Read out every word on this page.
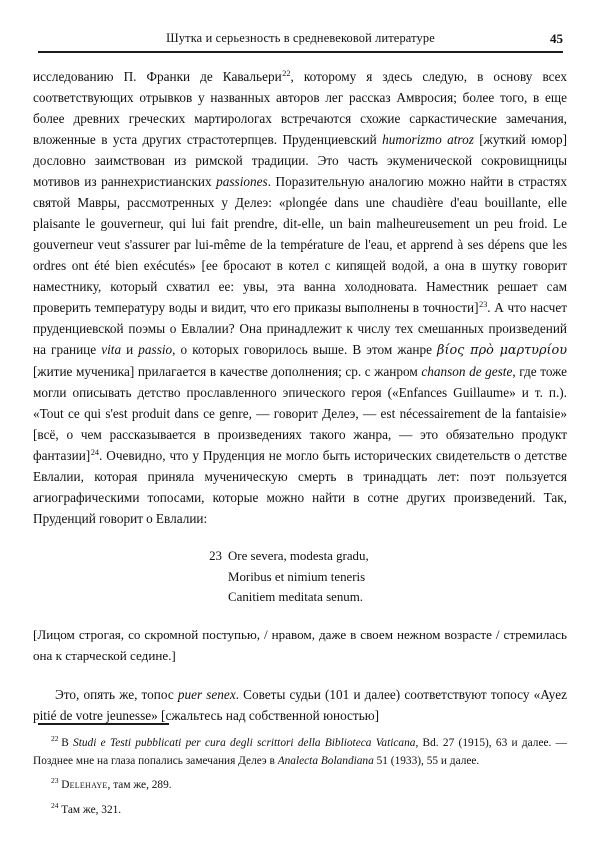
Шутка и серьезность в средневековой литературе	45

исследованию П. Франки де Кавальери$^{22}$, которому я здесь следую, в основу всех соответствующих отрывков у названных авторов лег рассказ Амвросия; более того, в еще более древних греческих мартирологах встречаются схожие саркастические замечания, вложенные в уста других страстотерпцев. Пруденциевский humorizmo atroz [жуткий юмор] дословно заимствован из римской традиции. Это часть экуменической сокровищницы мотивов из раннехристианских passiones. Поразительную аналогию можно найти в страстях святой Мавры, рассмотренных у Делеэ: «plongée dans une chaudière d'eau bouillante, elle plaisante le gouverneur, qui lui fait prendre, dit-elle, un bain malheureusement un peu froid. Le gouverneur veut s'assurer par lui-même de la température de l'eau, et apprend à ses dépens que les ordres ont été bien exécutés» [ee бросают в котел с кипящей водой, а она в шутку говорит наместнику, который схватил ее: увы, эта ванна холодновата. Наместник решает сам проверить температуру воды и видит, что его приказы выполнены в точности]$^{23}$. А что насчет пруденциевской поэмы о Евлалии? Она принадлежит к числу тех смешанных произведений на границе vita и passio, о которых говорилось выше. В этом жанре βίος πρὸ μαρτυρίου [житие мученика] прилагается в качестве дополнения; ср. с жанром chanson de geste, где тоже могли описывать детство прославленного эпического героя («Enfances Guillaume» и т. п.). «Tout ce qui s'est produit dans ce genre, — говорит Делеэ, — est nécessairement de la fantaisie» [всё, о чем рассказывается в произведениях такого жанра, — это обязательно продукт фантазии]$^{24}$. Очевидно, что у Пруденция не могло быть исторических свидетельств о детстве Евлалии, которая приняла мученическую смерть в тринадцать лет: поэт пользуется агиографическими топосами, которые можно найти в сотне других произведений. Так, Пруденций говорит о Евлалии:

23 Ore severa, modesta gradu,
Moribus et nimium teneris
Canitiem meditata senum.

[Лицом строгая, со скромной поступью, / нравом, даже в своем нежном возрасте / стремилась она к старческой седине.]

Это, опять же, топос puer senex. Советы судьи (101 и далее) соответствуют топосу «Ayez pitié de votre jeunesse» [сжальтесь над собственной юностью]

$^{22}$ В Studi e Testi pubblicati per cura degli scrittori della Biblioteca Vaticana, Bd. 27 (1915), 63 и далее. — Позднее мне на глаза попались замечания Делеэ в Analecta Bolandiana 51 (1933), 55 и далее.

$^{23}$ Delehaye, там же, 289.

$^{24}$ Там же, 321.
